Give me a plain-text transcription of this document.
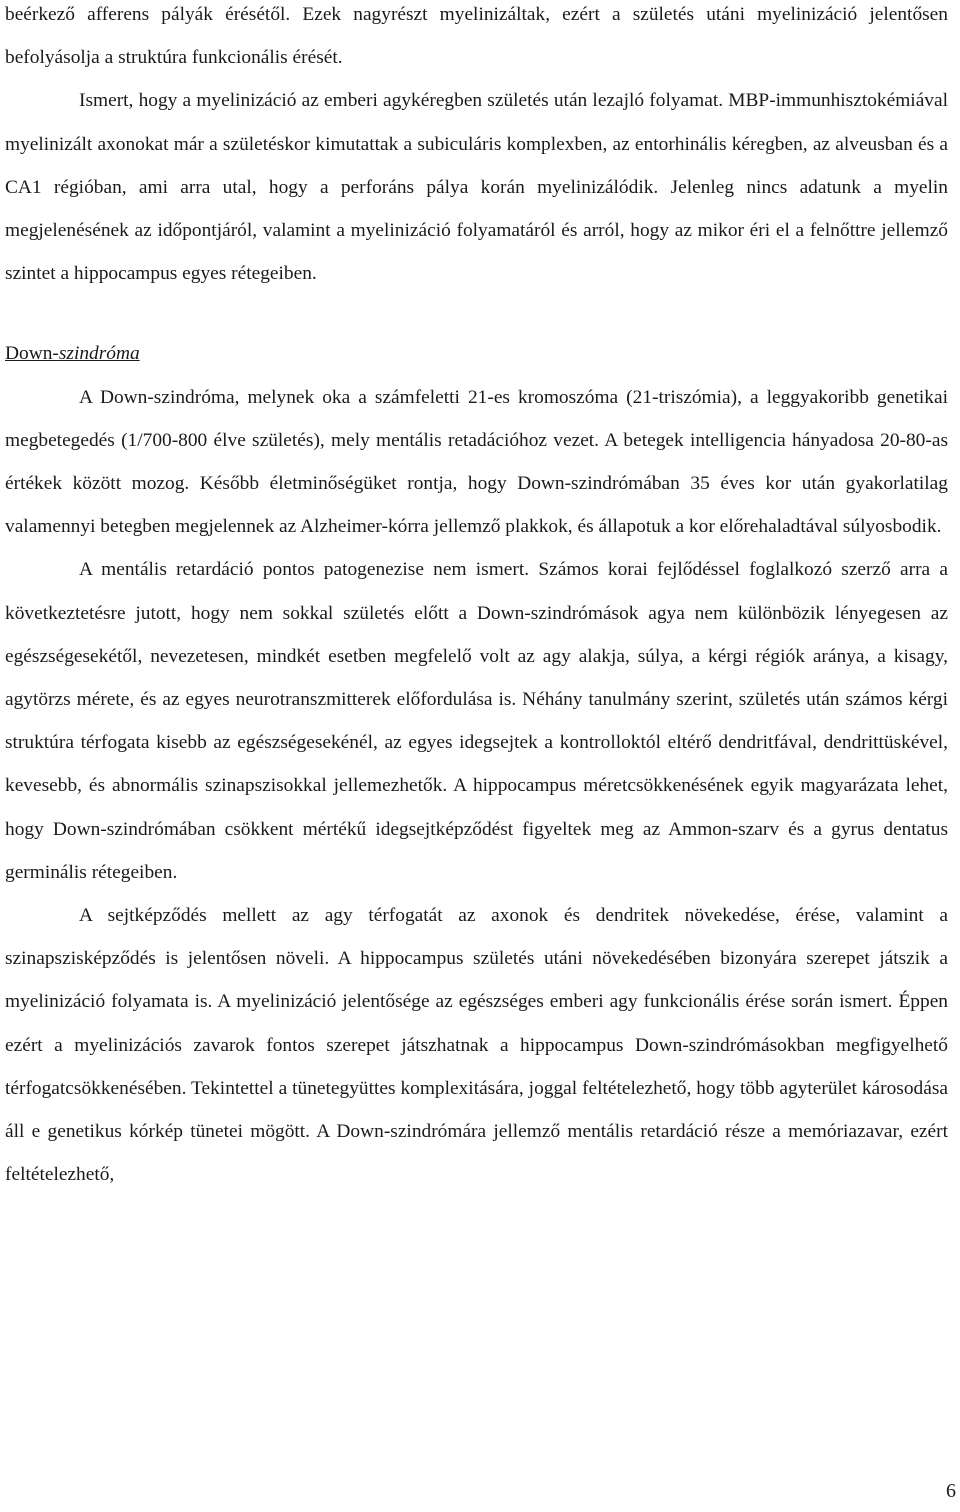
beérkező afferens pályák érésétől. Ezek nagyrészt myelinizáltak, ezért a születés utáni myelinizáció jelentősen befolyásolja a struktúra funkcionális érését.

Ismert, hogy a myelinizáció az emberi agykéregben születés után lezajló folyamat. MBP-immunhisztokémiával myelinizált axonokat már a születéskor kimutattak a subiculáris komplexben, az entorhinális kéregben, az alveusban és a CA1 régióban, ami arra utal, hogy a perforáns pálya korán myelinizálódik. Jelenleg nincs adatunk a myelin megjelenésének az időpontjáról, valamint a myelinizáció folyamatáról és arról, hogy az mikor éri el a felnőttre jellemző szintet a hippocampus egyes rétegeiben.

Down-szindróma

A Down-szindróma, melynek oka a számfeletti 21-es kromoszóma (21-triszómia), a leggyakoribb genetikai megbetegedés (1/700-800 élve születés), mely mentális retadációhoz vezet. A betegek intelligencia hányadosa 20-80-as értékek között mozog. Később életminőségüket rontja, hogy Down-szindrómában 35 éves kor után gyakorlatilag valamennyi betegben megjelennek az Alzheimer-kórra jellemző plakkok, és állapotuk a kor előrehaladtával súlyosbodik.

A mentális retardáció pontos patogenezise nem ismert. Számos korai fejlődéssel foglalkozó szerző arra a következtetésre jutott, hogy nem sokkal születés előtt a Down-szindrómások agya nem különbözik lényegesen az egészségesekétől, nevezetesen, mindkét esetben megfelelő volt az agy alakja, súlya, a kérgi régiók aránya, a kisagy, agytörzs mérete, és az egyes neurotranszmitterek előfordulása is. Néhány tanulmány szerint, születés után számos kérgi struktúra térfogata kisebb az egészségesekénél, az egyes idegsejtek a kontrolloktól eltérő dendritfával, dendrittüskével, kevesebb, és abnormális szinapszisokkal jellemezhetők. A hippocampus méretcsökkenésének egyik magyarázata lehet, hogy Down-szindrómában csökkent mértékű idegsejtképződést figyeltek meg az Ammon-szarv és a gyrus dentatus germinális rétegeiben.

A sejtképződés mellett az agy térfogatát az axonok és dendritek növekedése, érése, valamint a szinapszisképződés is jelentősen növeli. A hippocampus születés utáni növekedésében bizonyára szerepet játszik a myelinizáció folyamata is. A myelinizáció jelentősége az egészséges emberi agy funkcionális érése során ismert. Éppen ezért a myelinizációs zavarok fontos szerepet játszhatnak a hippocampus Down-szindrómásokban megfigyelhető térfogatcsökkenésében. Tekintettel a tünetegyüttes komplexitására, joggal feltételezhető, hogy több agyterület károsodása áll e genetikus kórkép tünetei mögött. A Down-szindrómára jellemző mentális retardáció része a memóriazavar, ezért feltételezhető,

6
